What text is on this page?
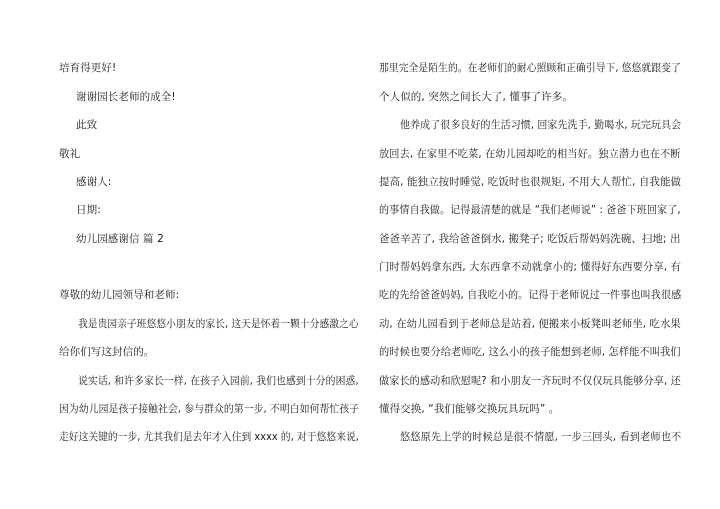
培育得更好!
谢谢园长老师的成全!
此致
敬礼
感谢人:
日期:
幼儿园感谢信 篇 2
尊敬的幼儿园领导和老师:
我是贵园亲子班悠悠小朋友的家长, 这天是怀着一颗十分感激之心
给你们写这封信的。
说实话, 和许多家长一样, 在孩子入园前, 我们也感到十分的困惑,
因为幼儿园是孩子接触社会, 参与群众的第一步, 不明白如何帮忙孩子
走好这关键的一步, 尤其我们是去年才入住到 xxxx 的, 对于悠悠来说,
那里完全是陌生的。在老师们的耐心照顾和正确引导下, 悠悠就跟变了
个人似的, 突然之间长大了, 懂事了许多。
他养成了很多良好的生活习惯, 回家先洗手, 勤喝水, 玩完玩具会
放回去, 在家里不吃菜, 在幼儿园却吃的相当好。独立潜力也在不断
提高, 能独立按时睡觉, 吃饭时也很规矩, 不用大人帮忙, 自我能做
的事情自我做。记得最清楚的就是 “我们老师说” : 爸爸下班回家了,
爸爸辛苦了, 我给爸爸倒水, 搬凳子; 吃饭后帮妈妈洗碗、扫地; 出
门时帮妈妈拿东西, 大东西拿不动就拿小的; 懂得好东西要分享, 有
吃的先给爸爸妈妈, 自我吃小的。记得于老师说过一件事也叫我很感
动, 在幼儿园看到于老师总是站着, 便搬来小板凳叫老师坐, 吃水果
的时候也要分给老师吃, 这么小的孩子能想到老师, 怎样能不叫我们
做家长的感动和欣慰呢? 和小朋友一齐玩时不仅仅玩具能够分享, 还
懂得交换, “我们能够交换玩具玩吗” 。
悠悠原先上学的时候总是很不情愿, 一步三回头, 看到老师也不
